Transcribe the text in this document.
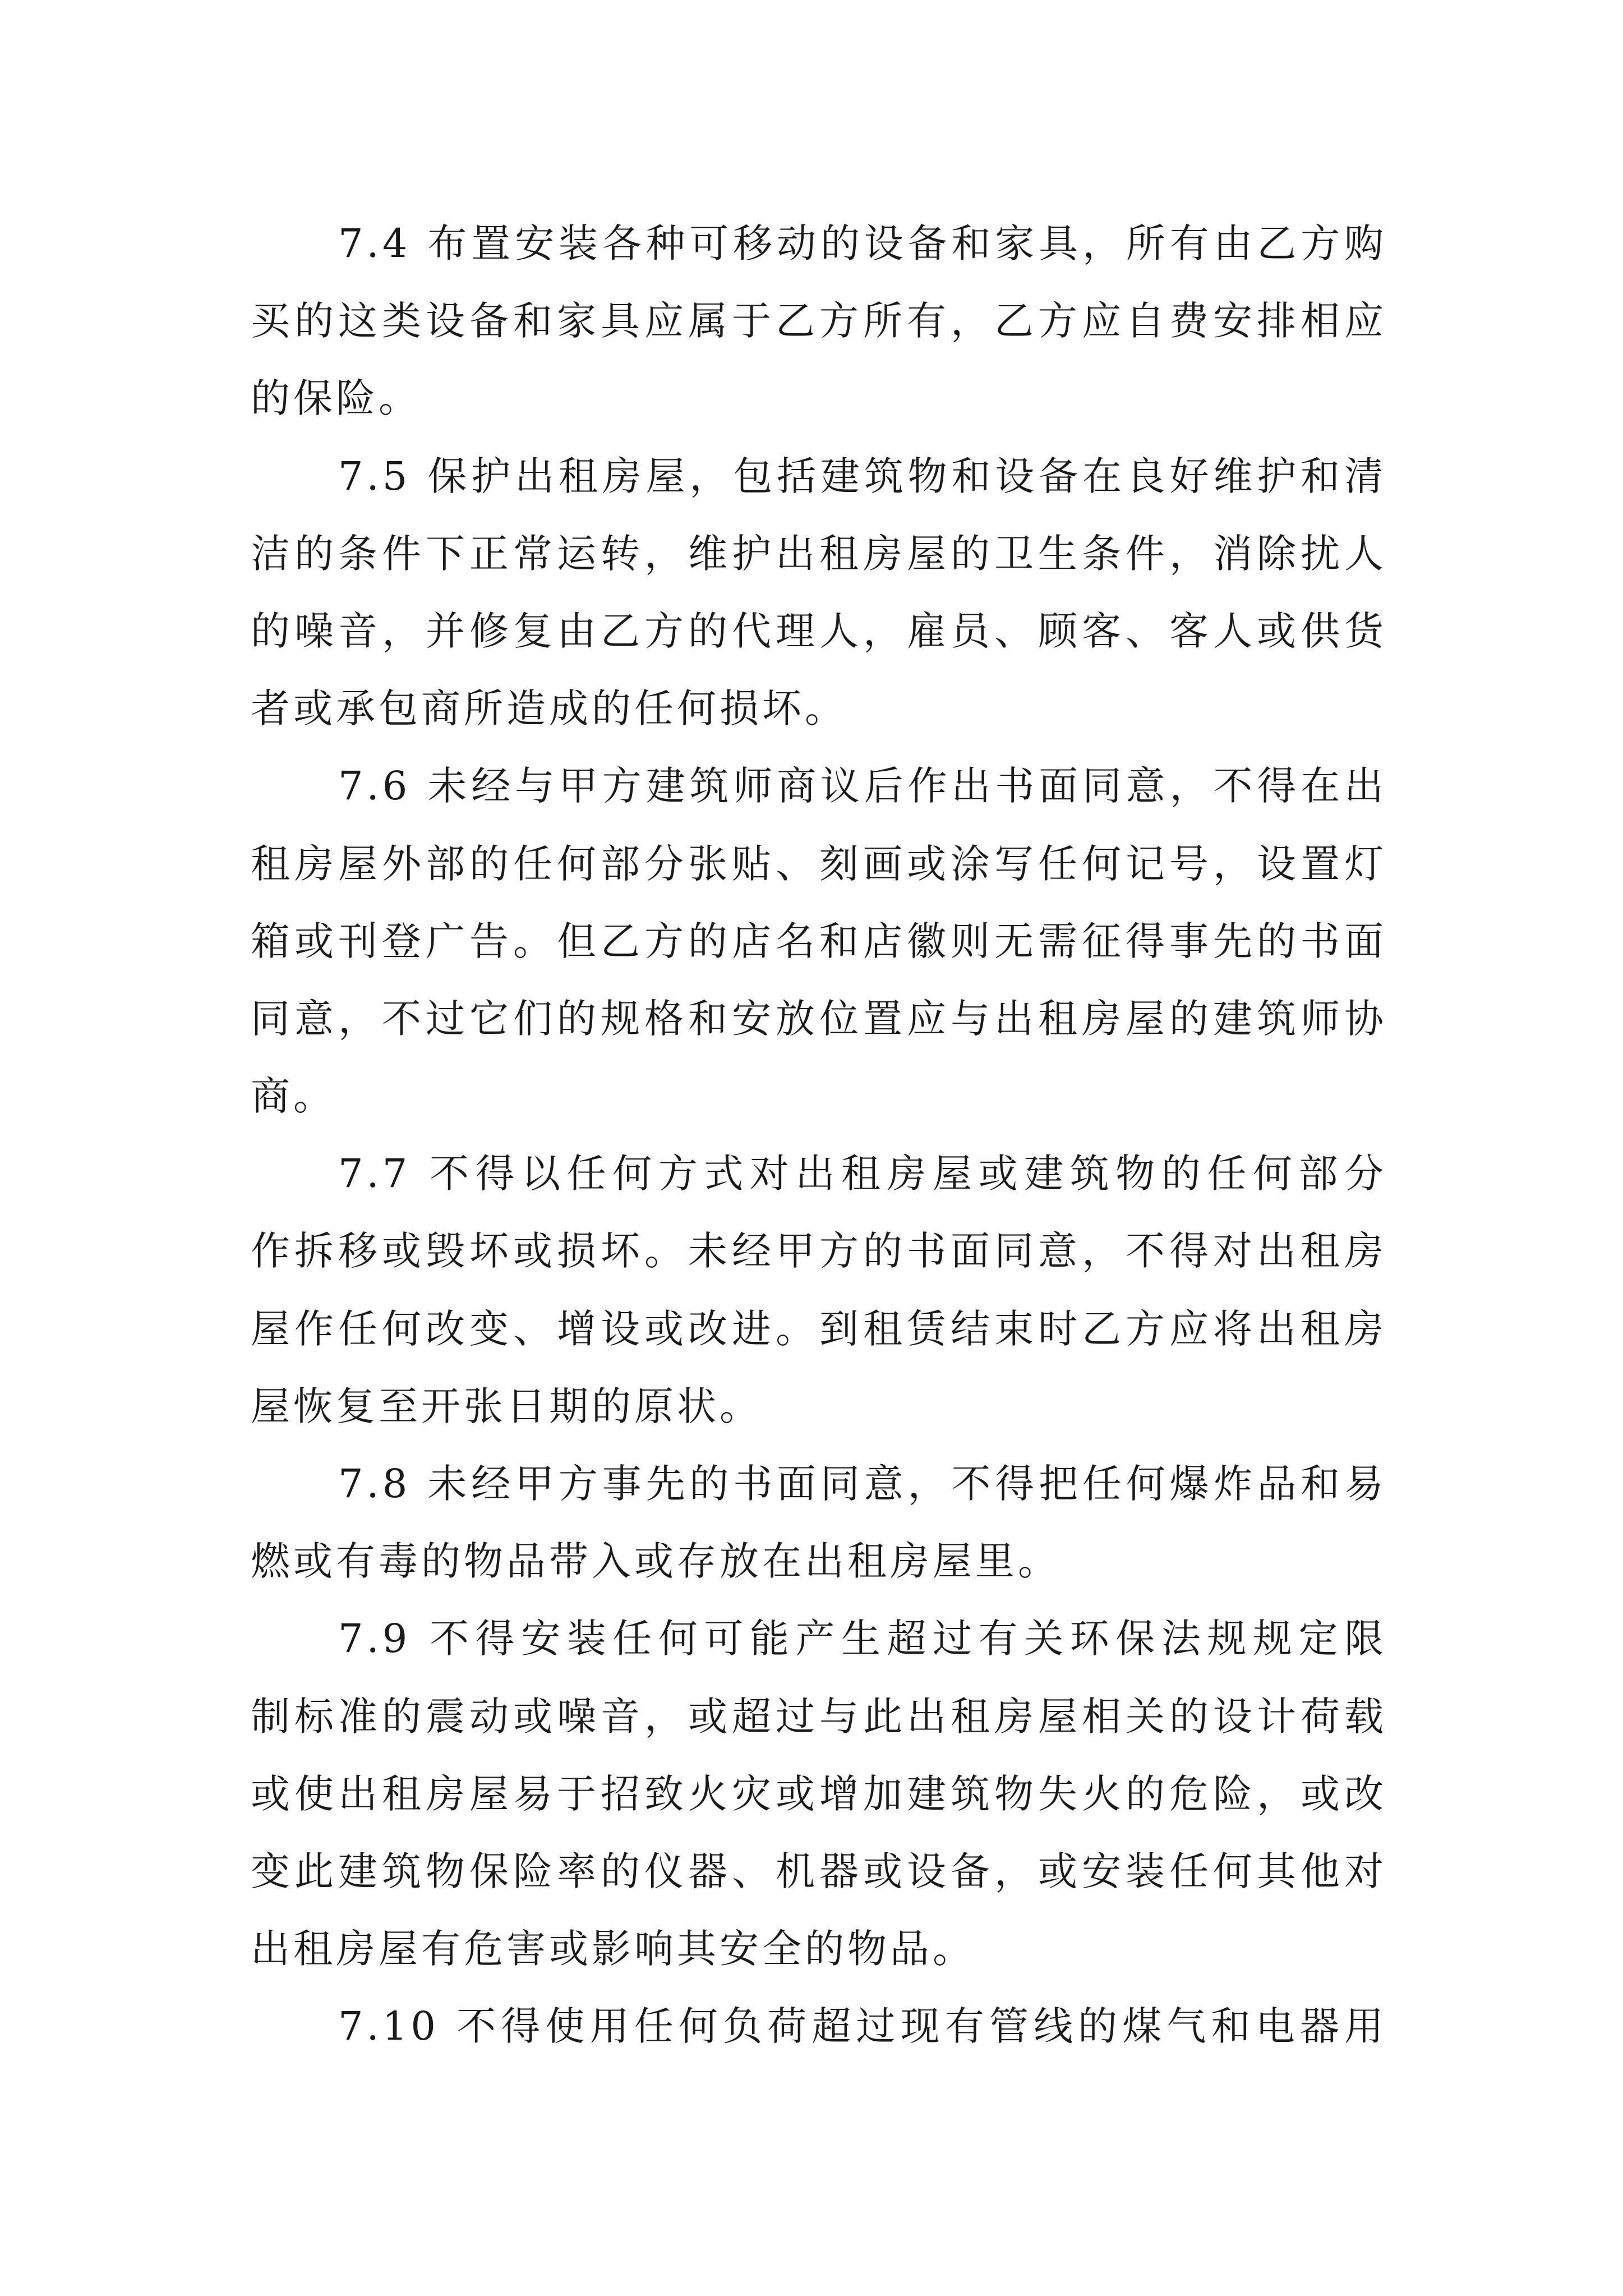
7.4 布置安装各种可移动的设备和家具，所有由乙方购
买的这类设备和家具应属于乙方所有，乙方应自费安排相应
的保险。
7.5 保护出租房屋，包括建筑物和设备在良好维护和清
洁的条件下正常运转，维护出租房屋的卫生条件，消除扰人
的噪音，并修复由乙方的代理人，雇员、顾客、客人或供货
者或承包商所造成的任何损坏。
7.6 未经与甲方建筑师商议后作出书面同意，不得在出
租房屋外部的任何部分张贴、刻画或涂写任何记号，设置灯
箱或刊登广告。但乙方的店名和店徽则无需征得事先的书面
同意，不过它们的规格和安放位置应与出租房屋的建筑师协
商。
7.7 不得以任何方式对出租房屋或建筑物的任何部分
作拆移或毁坏或损坏。未经甲方的书面同意，不得对出租房
屋作任何改变、增设或改进。到租赁结束时乙方应将出租房
屋恢复至开张日期的原状。
7.8 未经甲方事先的书面同意，不得把任何爆炸品和易
燃或有毒的物品带入或存放在出租房屋里。
7.9 不得安装任何可能产生超过有关环保法规规定限
制标准的震动或噪音，或超过与此出租房屋相关的设计荷载
或使出租房屋易于招致火灾或增加建筑物失火的危险，或改
变此建筑物保险率的仪器、机器或设备，或安装任何其他对
出租房屋有危害或影响其安全的物品。
7.10 不得使用任何负荷超过现有管线的煤气和电器用
